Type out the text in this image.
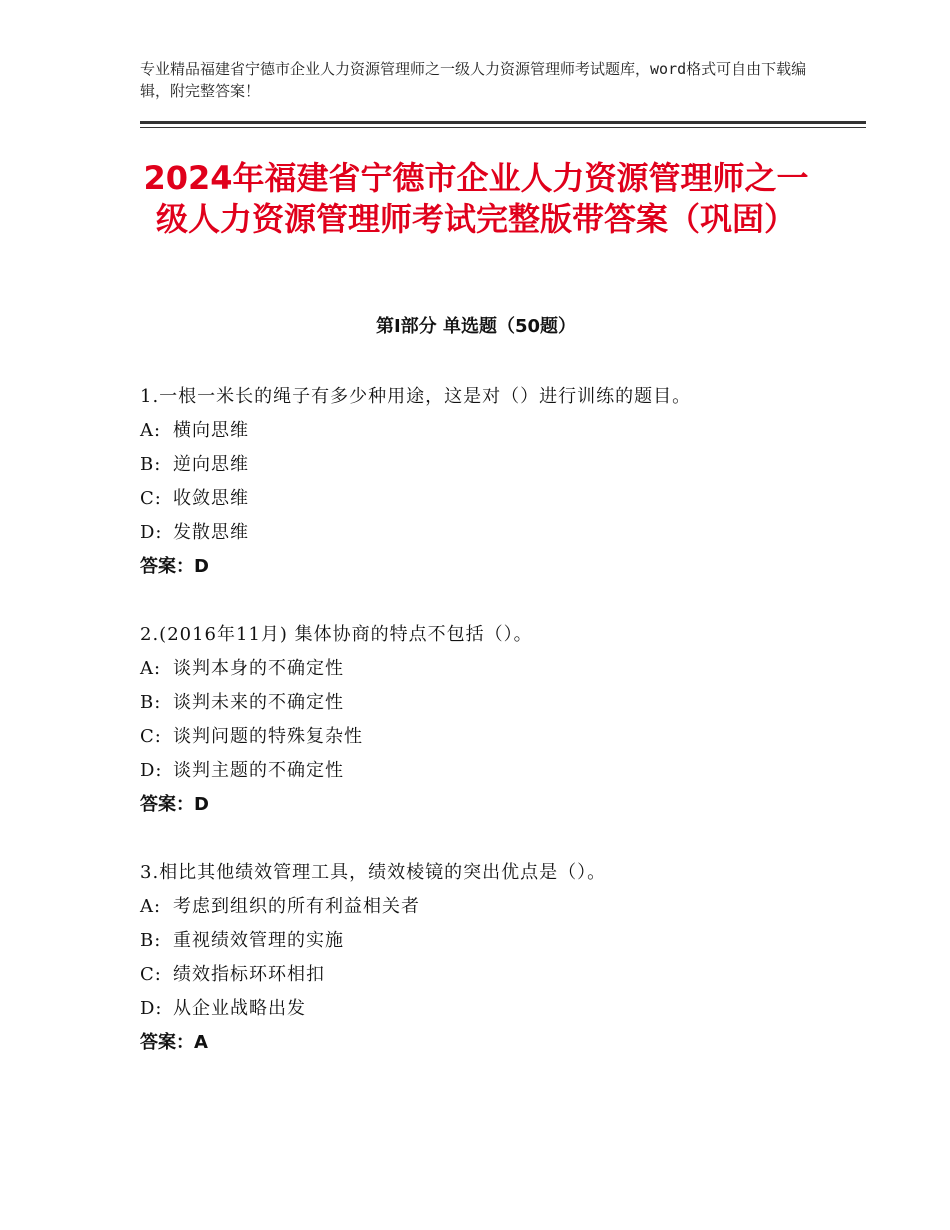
专业精品福建省宁德市企业人力资源管理师之一级人力资源管理师考试题库，word格式可自由下载编辑，附完整答案！
2024年福建省宁德市企业人力资源管理师之一级人力资源管理师考试完整版带答案（巩固）
第Ⅰ部分 单选题（50题）
1.一根一米长的绳子有多少种用途，这是对（）进行训练的题目。
A: 横向思维
B: 逆向思维
C: 收敛思维
D: 发散思维
答案：D
2.(2016年11月) 集体协商的特点不包括（）。
A: 谈判本身的不确定性
B: 谈判未来的不确定性
C: 谈判问题的特殊复杂性
D: 谈判主题的不确定性
答案：D
3.相比其他绩效管理工具，绩效棱镜的突出优点是（）。
A: 考虑到组织的所有利益相关者
B: 重视绩效管理的实施
C: 绩效指标环环相扣
D: 从企业战略出发
答案：A
